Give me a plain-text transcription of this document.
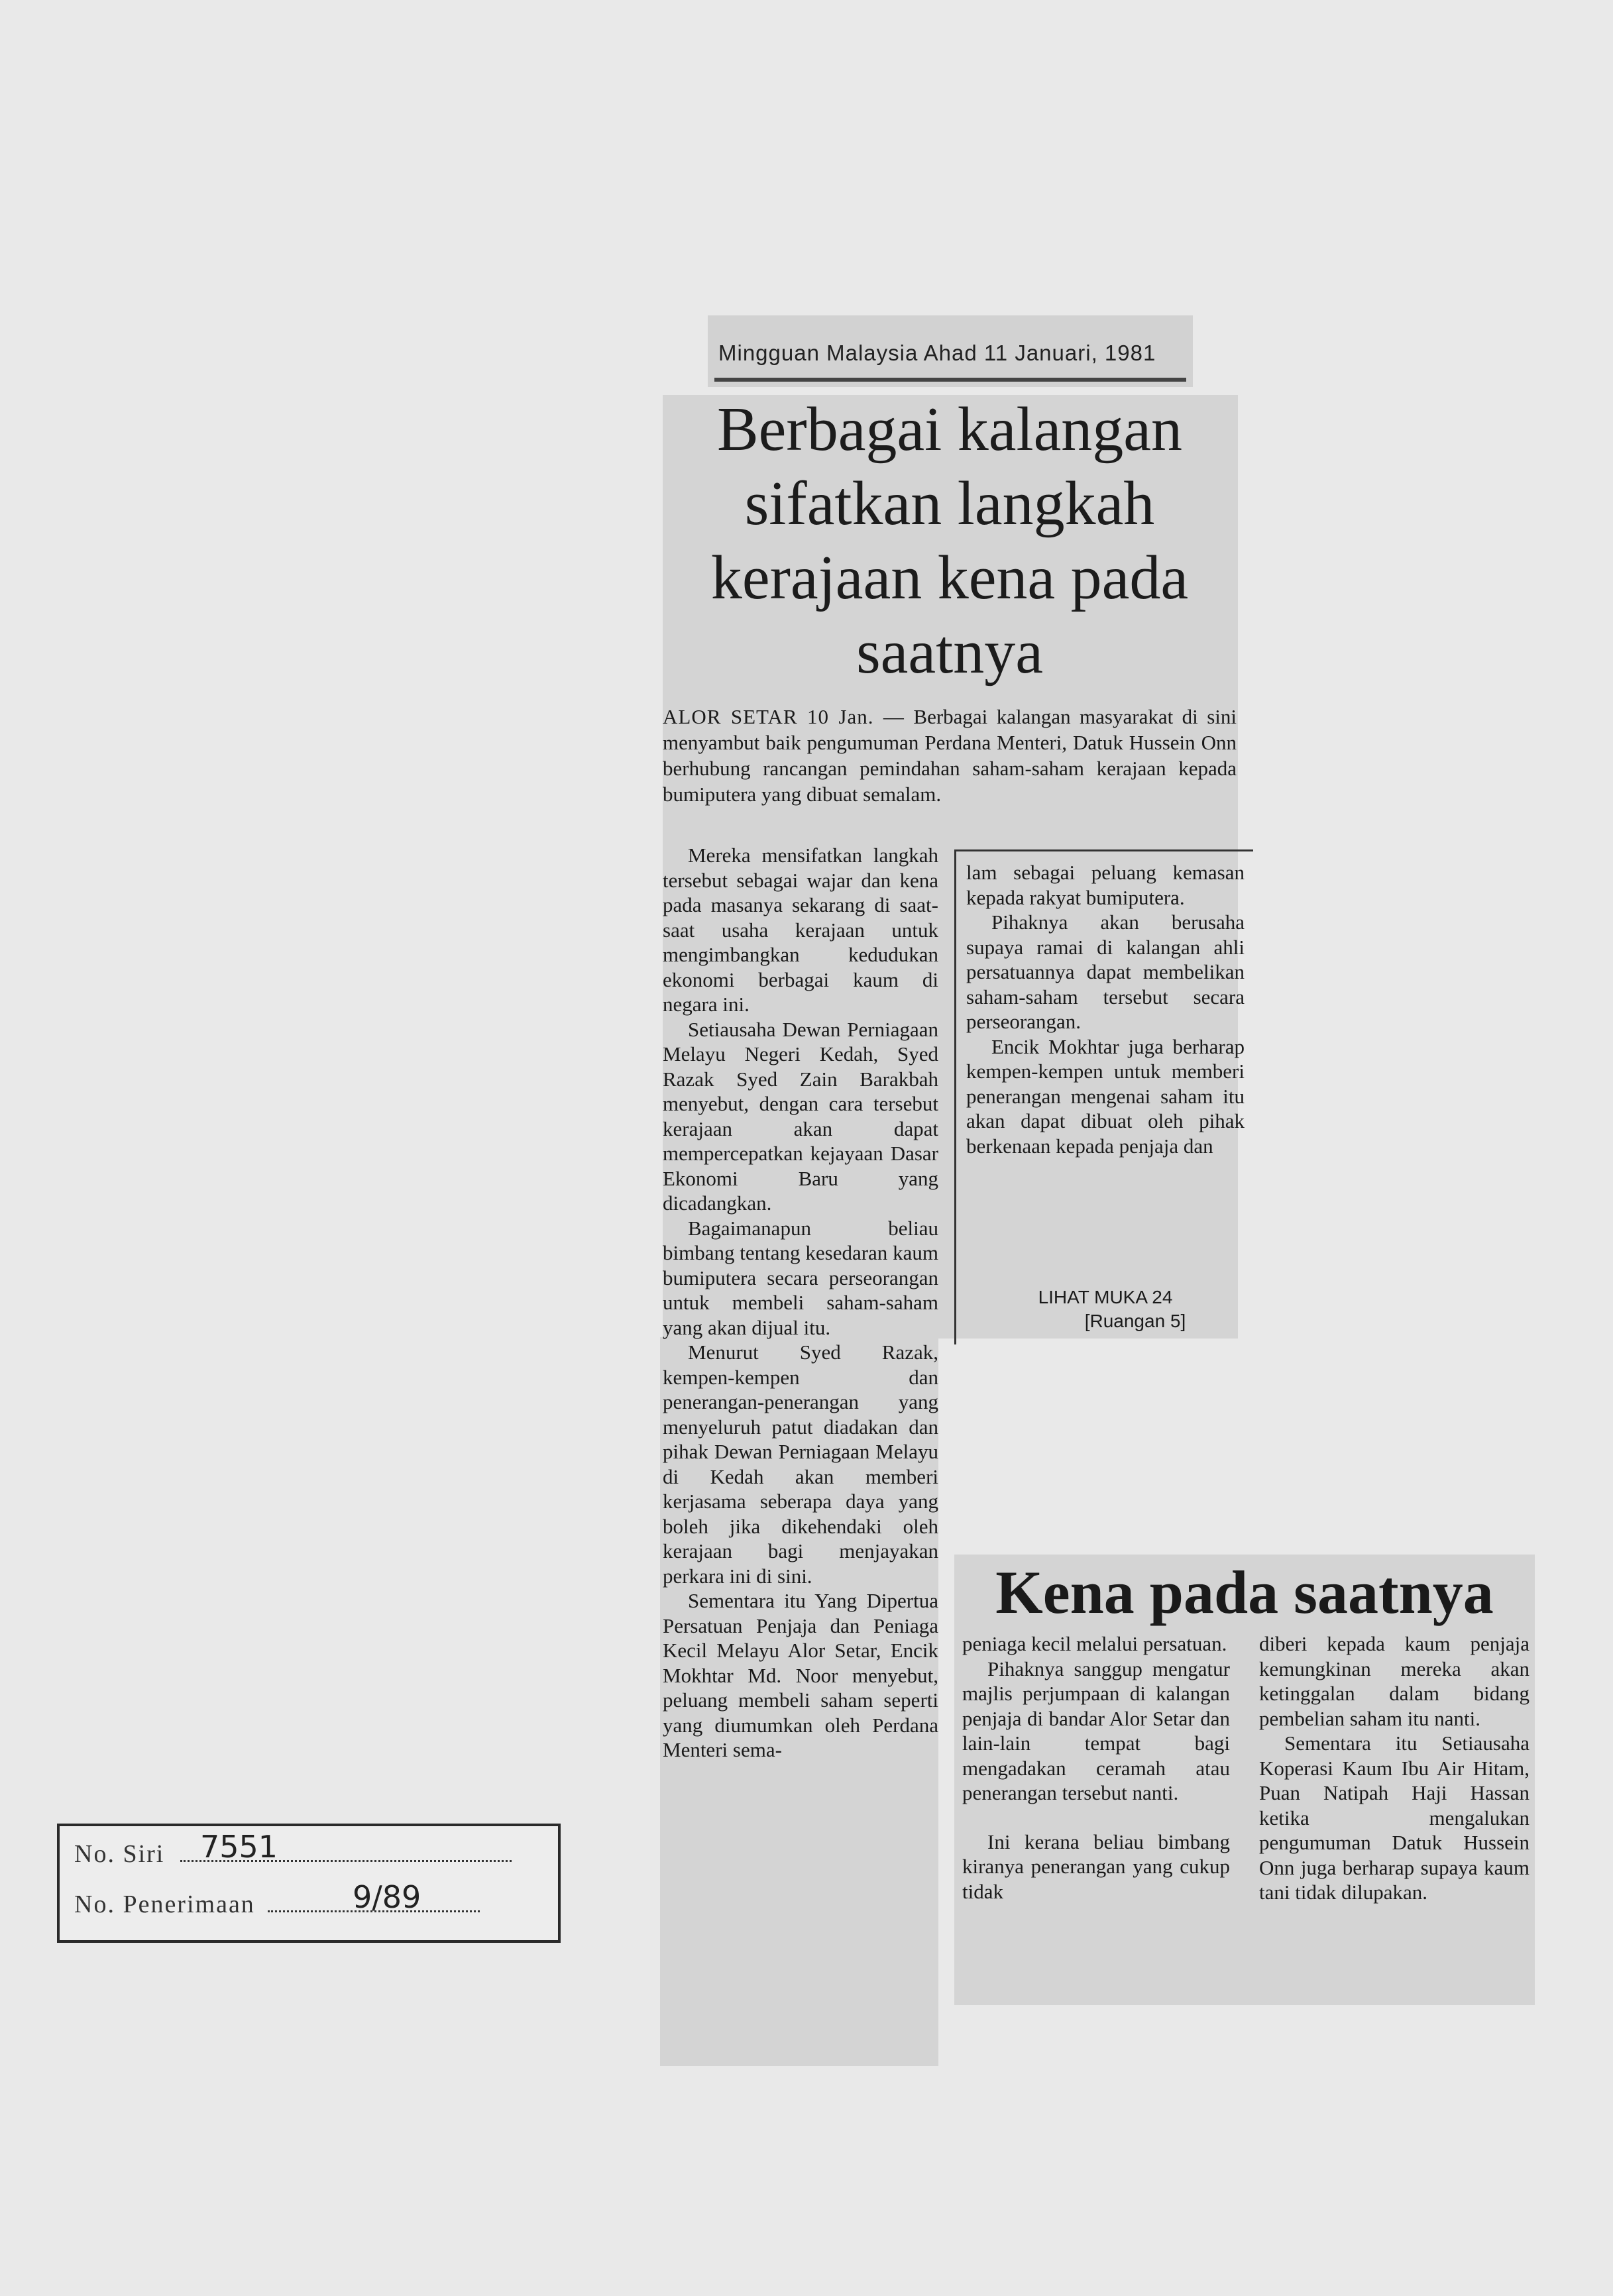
Mingguan Malaysia Ahad 11 Januari, 1981
Berbagai kalangan sifatkan langkah kerajaan kena pada saatnya

ALOR SETAR 10 Jan. — Berbagai kalangan masyarakat di sini menyambut baik pengumuman Perdana Menteri, Datuk Hussein Onn berhubung rancangan pemindahan saham-saham kerajaan kepada bumiputera yang dibuat semalam.

Mereka mensifatkan langkah tersebut sebagai wajar dan kena pada masanya sekarang di saat-saat usaha kerajaan untuk mengimbangkan kedudukan ekonomi berbagai kaum di negara ini.

Setiausaha Dewan Perniagaan Melayu Negeri Kedah, Syed Razak Syed Zain Barakbah menyebut, dengan cara tersebut kerajaan akan dapat mempercepatkan kejayaan Dasar Ekonomi Baru yang dicadangkan.

Bagaimanapun beliau bimbang tentang kesedaran kaum bumiputera secara perseorangan untuk membeli saham-saham yang akan dijual itu.

Menurut Syed Razak, kempen-kempen dan penerangan-penerangan yang menyeluruh patut diadakan dan pihak Dewan Perniagaan Melayu di Kedah akan memberi kerjasama seberapa daya yang boleh jika dikehendaki oleh kerajaan bagi menjayakan perkara ini di sini.

Sementara itu Yang Dipertua Persatuan Penjaja dan Peniaga Kecil Melayu Alor Setar, Encik Mokhtar Md. Noor menyebut, peluang membeli saham seperti yang diumumkan oleh Perdana Menteri sema-

lam sebagai peluang kemasan kepada rakyat bumiputera.

Pihaknya akan berusaha supaya ramai di kalangan ahli persatuannya dapat membelikan saham-saham tersebut secara perseorangan.

Encik Mokhtar juga berharap kempen-kempen untuk memberi penerangan mengenai saham itu akan dapat dibuat oleh pihak berkenaan kepada penjaja dan

LIHAT MUKA 24
[Ruangan 5]
Kena pada saatnya

peniaga kecil melalui persatuan.

Pihaknya sanggup mengatur majlis perjumpaan di kalangan penjaja di bandar Alor Setar dan lain-lain tempat bagi mengadakan ceramah atau penerangan tersebut nanti.

Ini kerana beliau bimbang kiranya penerangan yang cukup tidak

diberi kepada kaum penjaja kemungkinan mereka akan ketinggalan dalam bidang pembelian saham itu nanti.

Sementara itu Setiausaha Koperasi Kaum Ibu Air Hitam, Puan Natipah Haji Hassan ketika mengalukan pengumuman Datuk Hussein Onn juga berharap supaya kaum tani tidak dilupakan.

No. Siri 7551
No. Penerimaan	9/89
